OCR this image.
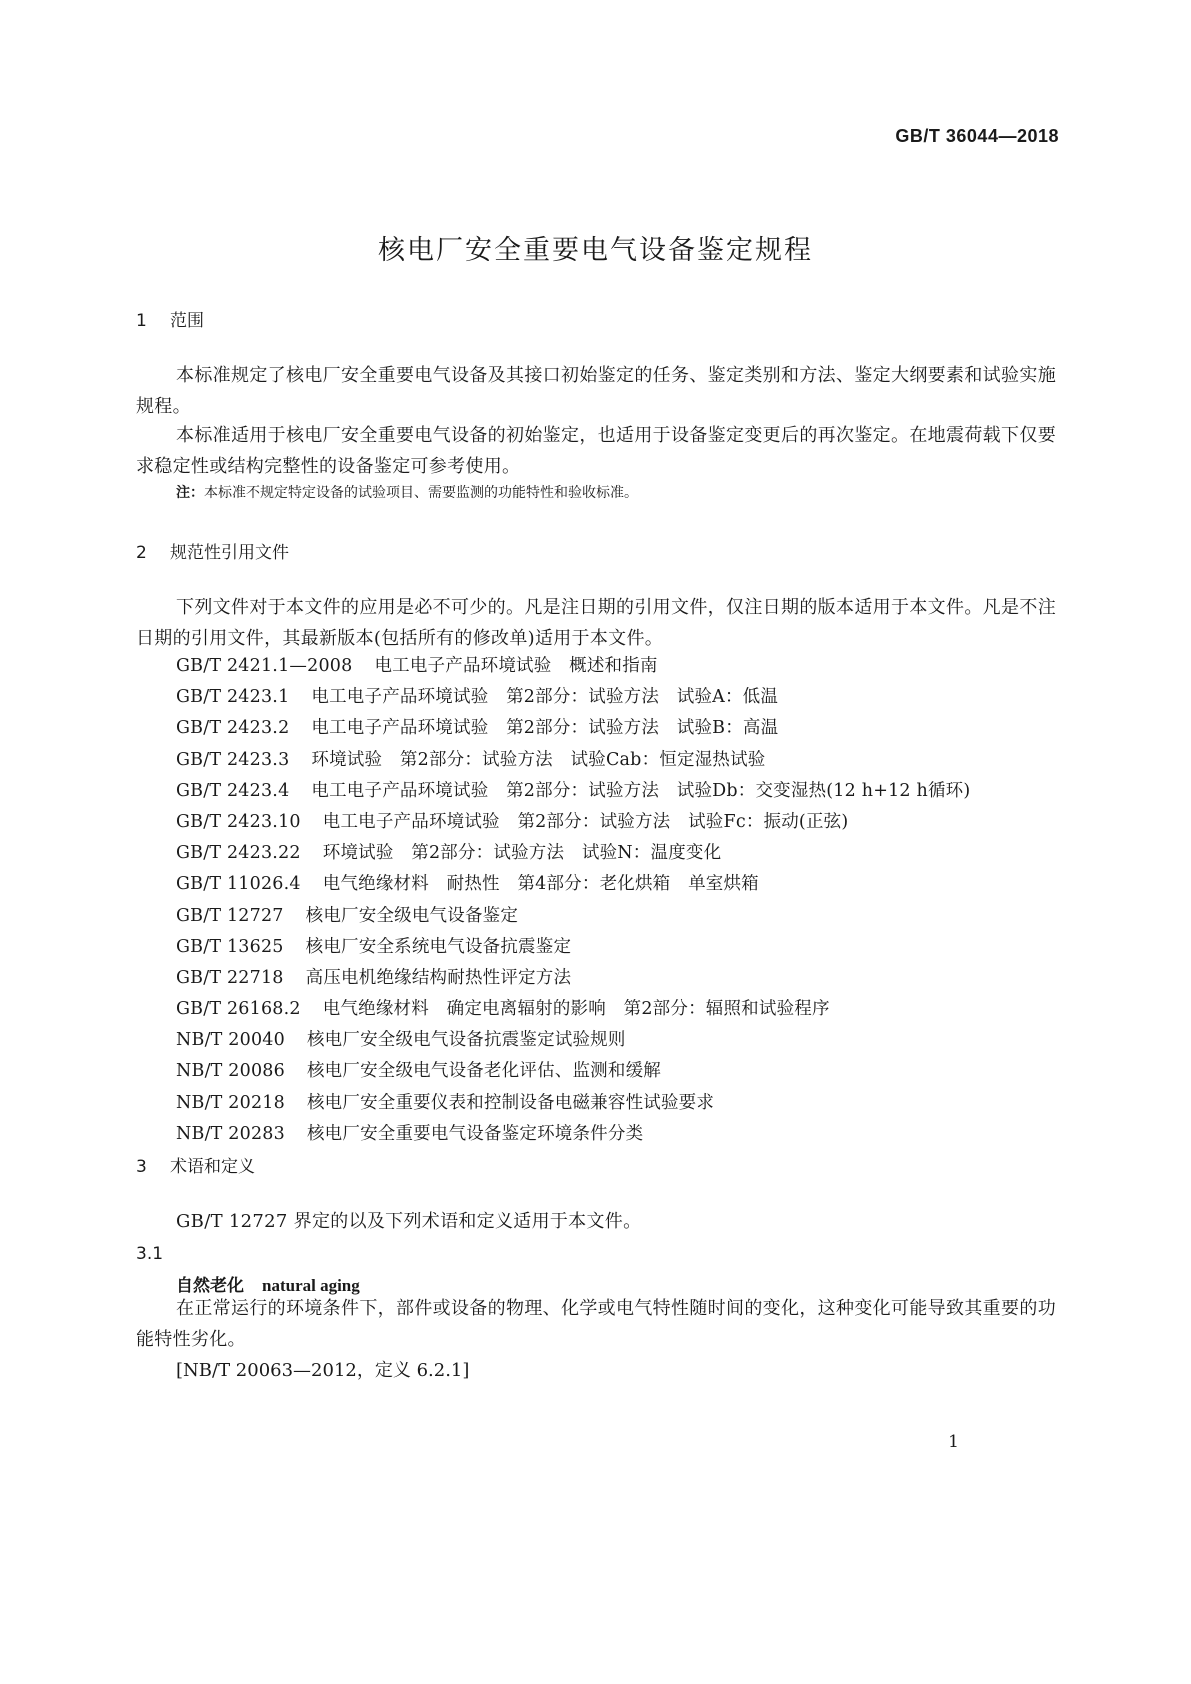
GB/T 36044—2018
核电厂安全重要电气设备鉴定规程
1 范围
本标准规定了核电厂安全重要电气设备及其接口初始鉴定的任务、鉴定类别和方法、鉴定大纲要素和试验实施规程。
本标准适用于核电厂安全重要电气设备的初始鉴定，也适用于设备鉴定变更后的再次鉴定。在地震荷载下仅要求稳定性或结构完整性的设备鉴定可参考使用。
注：本标准不规定特定设备的试验项目、需要监测的功能特性和验收标准。
2 规范性引用文件
下列文件对于本文件的应用是必不可少的。凡是注日期的引用文件，仅注日期的版本适用于本文件。凡是不注日期的引用文件，其最新版本(包括所有的修改单)适用于本文件。
GB/T 2421.1—2008 电工电子产品环境试验　概述和指南
GB/T 2423.1 电工电子产品环境试验　第2部分：试验方法　试验A：低温
GB/T 2423.2 电工电子产品环境试验　第2部分：试验方法　试验B：高温
GB/T 2423.3 环境试验　第2部分：试验方法　试验Cab：恒定湿热试验
GB/T 2423.4 电工电子产品环境试验　第2部分：试验方法　试验Db：交变湿热(12 h+12 h循环)
GB/T 2423.10 电工电子产品环境试验　第2部分：试验方法　试验Fc：振动(正弦)
GB/T 2423.22 环境试验　第2部分：试验方法　试验N：温度变化
GB/T 11026.4 电气绝缘材料　耐热性　第4部分：老化烘箱　单室烘箱
GB/T 12727 核电厂安全级电气设备鉴定
GB/T 13625 核电厂安全系统电气设备抗震鉴定
GB/T 22718 高压电机绝缘结构耐热性评定方法
GB/T 26168.2 电气绝缘材料　确定电离辐射的影响　第2部分：辐照和试验程序
NB/T 20040 核电厂安全级电气设备抗震鉴定试验规则
NB/T 20086 核电厂安全级电气设备老化评估、监测和缓解
NB/T 20218 核电厂安全重要仪表和控制设备电磁兼容性试验要求
NB/T 20283 核电厂安全重要电气设备鉴定环境条件分类
3 术语和定义
GB/T 12727 界定的以及下列术语和定义适用于本文件。
3.1
自然老化 natural aging
在正常运行的环境条件下，部件或设备的物理、化学或电气特性随时间的变化，这种变化可能导致其重要的功能特性劣化。
[NB/T 20063—2012，定义 6.2.1]
1
